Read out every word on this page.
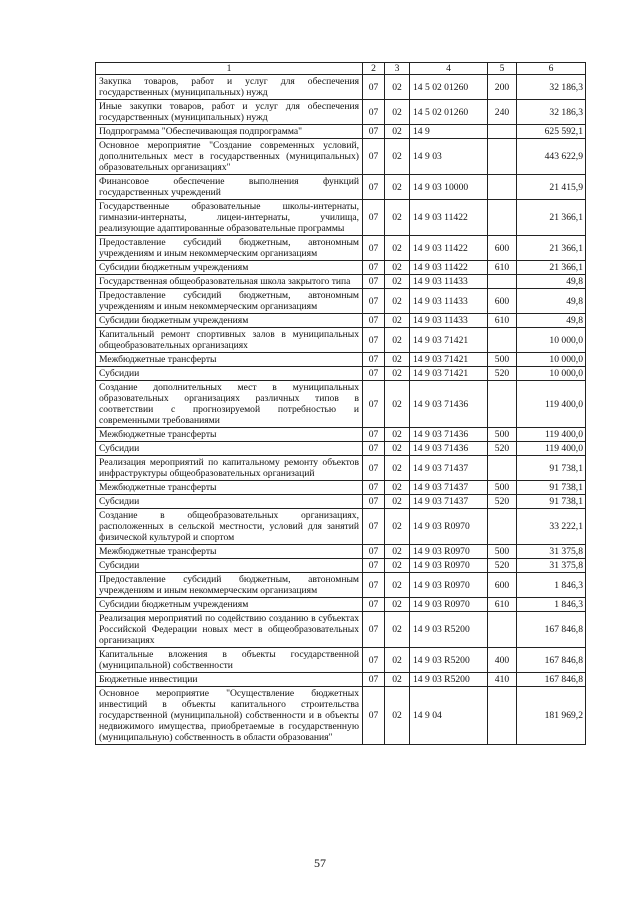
1	2	3	4	5	6
Закупка товаров, работ и услуг для обеспечения государственных (муниципальных) нужд	07	02	14 5 02 01260	200	32 186,3
Иные закупки товаров, работ и услуг для обеспечения государственных (муниципальных) нужд	07	02	14 5 02 01260	240	32 186,3
Подпрограмма "Обеспечивающая подпрограмма"	07	02	14 9		625 592,1
Основное мероприятие "Создание современных условий, дополнительных мест в государственных (муниципальных) образовательных организациях"	07	02	14 9 03		443 622,9
Финансовое обеспечение выполнения функций государственных учреждений	07	02	14 9 03 10000		21 415,9
Государственные образовательные школы-интернаты, гимназии-интернаты, лицеи-интернаты, училища, реализующие адаптированные образовательные программы	07	02	14 9 03 11422		21 366,1
Предоставление субсидий бюджетным, автономным учреждениям и иным некоммерческим организациям	07	02	14 9 03 11422	600	21 366,1
Субсидии бюджетным учреждениям	07	02	14 9 03 11422	610	21 366,1
Государственная общеобразовательная школа закрытого типа	07	02	14 9 03 11433		49,8
Предоставление субсидий бюджетным, автономным учреждениям и иным некоммерческим организациям	07	02	14 9 03 11433	600	49,8
Субсидии бюджетным учреждениям	07	02	14 9 03 11433	610	49,8
Капитальный ремонт спортивных залов в муниципальных общеобразовательных организациях	07	02	14 9 03 71421		10 000,0
Межбюджетные трансферты	07	02	14 9 03 71421	500	10 000,0
Субсидии	07	02	14 9 03 71421	520	10 000,0
Создание дополнительных мест в муниципальных образовательных организациях различных типов в соответствии с прогнозируемой потребностью и современными требованиями	07	02	14 9 03 71436		119 400,0
Межбюджетные трансферты	07	02	14 9 03 71436	500	119 400,0
Субсидии	07	02	14 9 03 71436	520	119 400,0
Реализация мероприятий по капитальному ремонту объектов инфраструктуры общеобразовательных организаций	07	02	14 9 03 71437		91 738,1
Межбюджетные трансферты	07	02	14 9 03 71437	500	91 738,1
Субсидии	07	02	14 9 03 71437	520	91 738,1
Создание в общеобразовательных организациях, расположенных в сельской местности, условий для занятий физической культурой и спортом	07	02	14 9 03 R0970		33 222,1
Межбюджетные трансферты	07	02	14 9 03 R0970	500	31 375,8
Субсидии	07	02	14 9 03 R0970	520	31 375,8
Предоставление субсидий бюджетным, автономным учреждениям и иным некоммерческим организациям	07	02	14 9 03 R0970	600	1 846,3
Субсидии бюджетным учреждениям	07	02	14 9 03 R0970	610	1 846,3
Реализация мероприятий по содействию созданию в субъектах Российской Федерации новых мест в общеобразовательных организациях	07	02	14 9 03 R5200		167 846,8
Капитальные вложения в объекты государственной (муниципальной) собственности	07	02	14 9 03 R5200	400	167 846,8
Бюджетные инвестиции	07	02	14 9 03 R5200	410	167 846,8
Основное мероприятие "Осуществление бюджетных инвестиций в объекты капитального строительства государственной (муниципальной) собственности и в объекты недвижимого имущества, приобретаемые в государственную (муниципальную) собственность в области образования"	07	02	14 9 04		181 969,2
57
